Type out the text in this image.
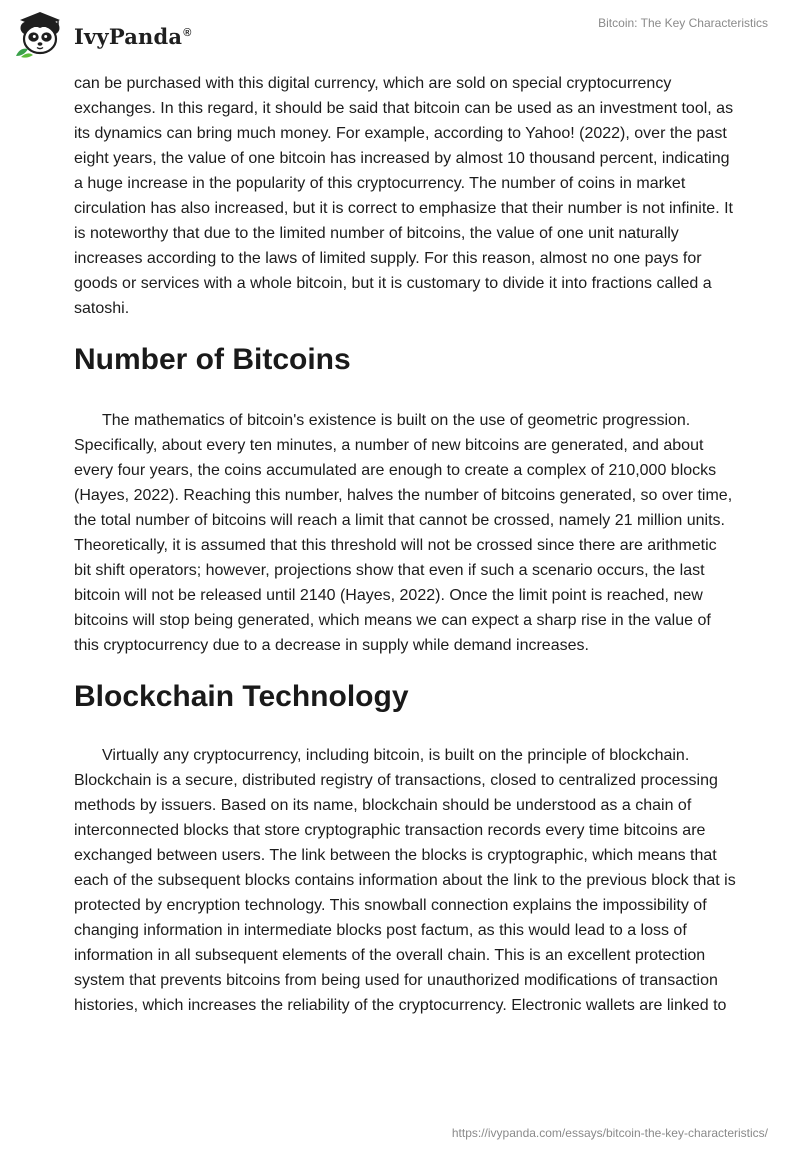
IvyPanda®
Bitcoin: The Key Characteristics

can be purchased with this digital currency, which are sold on special cryptocurrency exchanges. In this regard, it should be said that bitcoin can be used as an investment tool, as its dynamics can bring much money. For example, according to Yahoo! (2022), over the past eight years, the value of one bitcoin has increased by almost 10 thousand percent, indicating a huge increase in the popularity of this cryptocurrency. The number of coins in market circulation has also increased, but it is correct to emphasize that their number is not infinite. It is noteworthy that due to the limited number of bitcoins, the value of one unit naturally increases according to the laws of limited supply. For this reason, almost no one pays for goods or services with a whole bitcoin, but it is customary to divide it into fractions called a satoshi.

Number of Bitcoins

The mathematics of bitcoin's existence is built on the use of geometric progression. Specifically, about every ten minutes, a number of new bitcoins are generated, and about every four years, the coins accumulated are enough to create a complex of 210,000 blocks (Hayes, 2022). Reaching this number, halves the number of bitcoins generated, so over time, the total number of bitcoins will reach a limit that cannot be crossed, namely 21 million units. Theoretically, it is assumed that this threshold will not be crossed since there are arithmetic bit shift operators; however, projections show that even if such a scenario occurs, the last bitcoin will not be released until 2140 (Hayes, 2022). Once the limit point is reached, new bitcoins will stop being generated, which means we can expect a sharp rise in the value of this cryptocurrency due to a decrease in supply while demand increases.

Blockchain Technology

Virtually any cryptocurrency, including bitcoin, is built on the principle of blockchain. Blockchain is a secure, distributed registry of transactions, closed to centralized processing methods by issuers. Based on its name, blockchain should be understood as a chain of interconnected blocks that store cryptographic transaction records every time bitcoins are exchanged between users. The link between the blocks is cryptographic, which means that each of the subsequent blocks contains information about the link to the previous block that is protected by encryption technology. This snowball connection explains the impossibility of changing information in intermediate blocks post factum, as this would lead to a loss of information in all subsequent elements of the overall chain. This is an excellent protection system that prevents bitcoins from being used for unauthorized modifications of transaction histories, which increases the reliability of the cryptocurrency. Electronic wallets are linked to

https://ivypanda.com/essays/bitcoin-the-key-characteristics/
